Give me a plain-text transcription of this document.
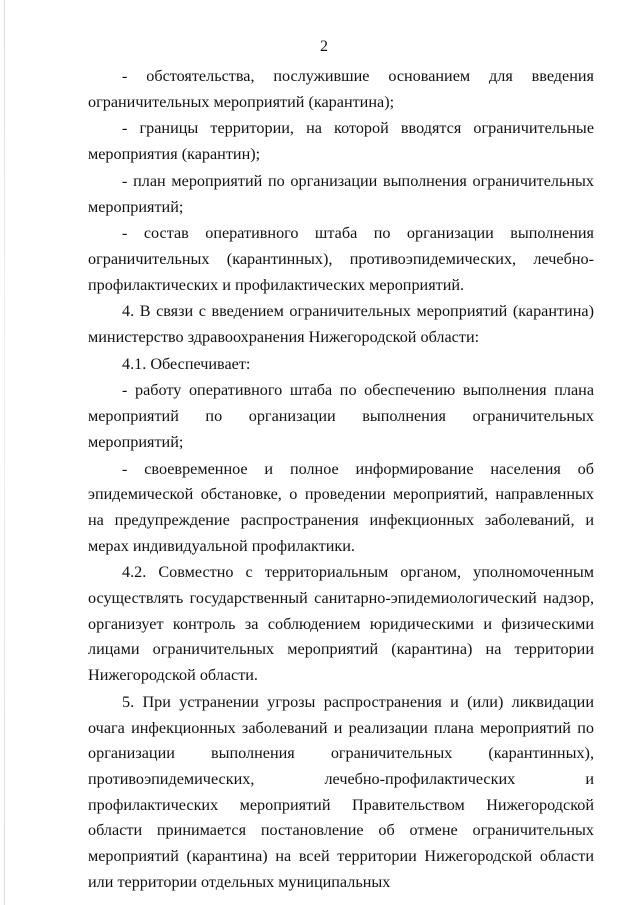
2

- обстоятельства, послужившие основанием для введения ограничительных мероприятий (карантина);

- границы территории, на которой вводятся ограничительные мероприятия (карантин);

- план мероприятий по организации выполнения ограничительных мероприятий;

- состав оперативного штаба по организации выполнения ограничительных (карантинных), противоэпидемических, лечебно-профилактических и профилактических мероприятий.

4. В связи с введением ограничительных мероприятий (карантина) министерство здравоохранения Нижегородской области:

4.1. Обеспечивает:

- работу оперативного штаба по обеспечению выполнения плана мероприятий по организации выполнения ограничительных мероприятий;

- своевременное и полное информирование населения об эпидемической обстановке, о проведении мероприятий, направленных на предупреждение распространения инфекционных заболеваний, и мерах индивидуальной профилактики.

4.2. Совместно с территориальным органом, уполномоченным осуществлять государственный санитарно-эпидемиологический надзор, организует контроль за соблюдением юридическими и физическими лицами ограничительных мероприятий (карантина) на территории Нижегородской области.

5. При устранении угрозы распространения и (или) ликвидации очага инфекционных заболеваний и реализации плана мероприятий по организации выполнения ограничительных (карантинных), противоэпидемических, лечебно-профилактических и профилактических мероприятий Правительством Нижегородской области принимается постановление об отмене ограничительных мероприятий (карантина) на всей территории Нижегородской области или территории отдельных муниципальных
